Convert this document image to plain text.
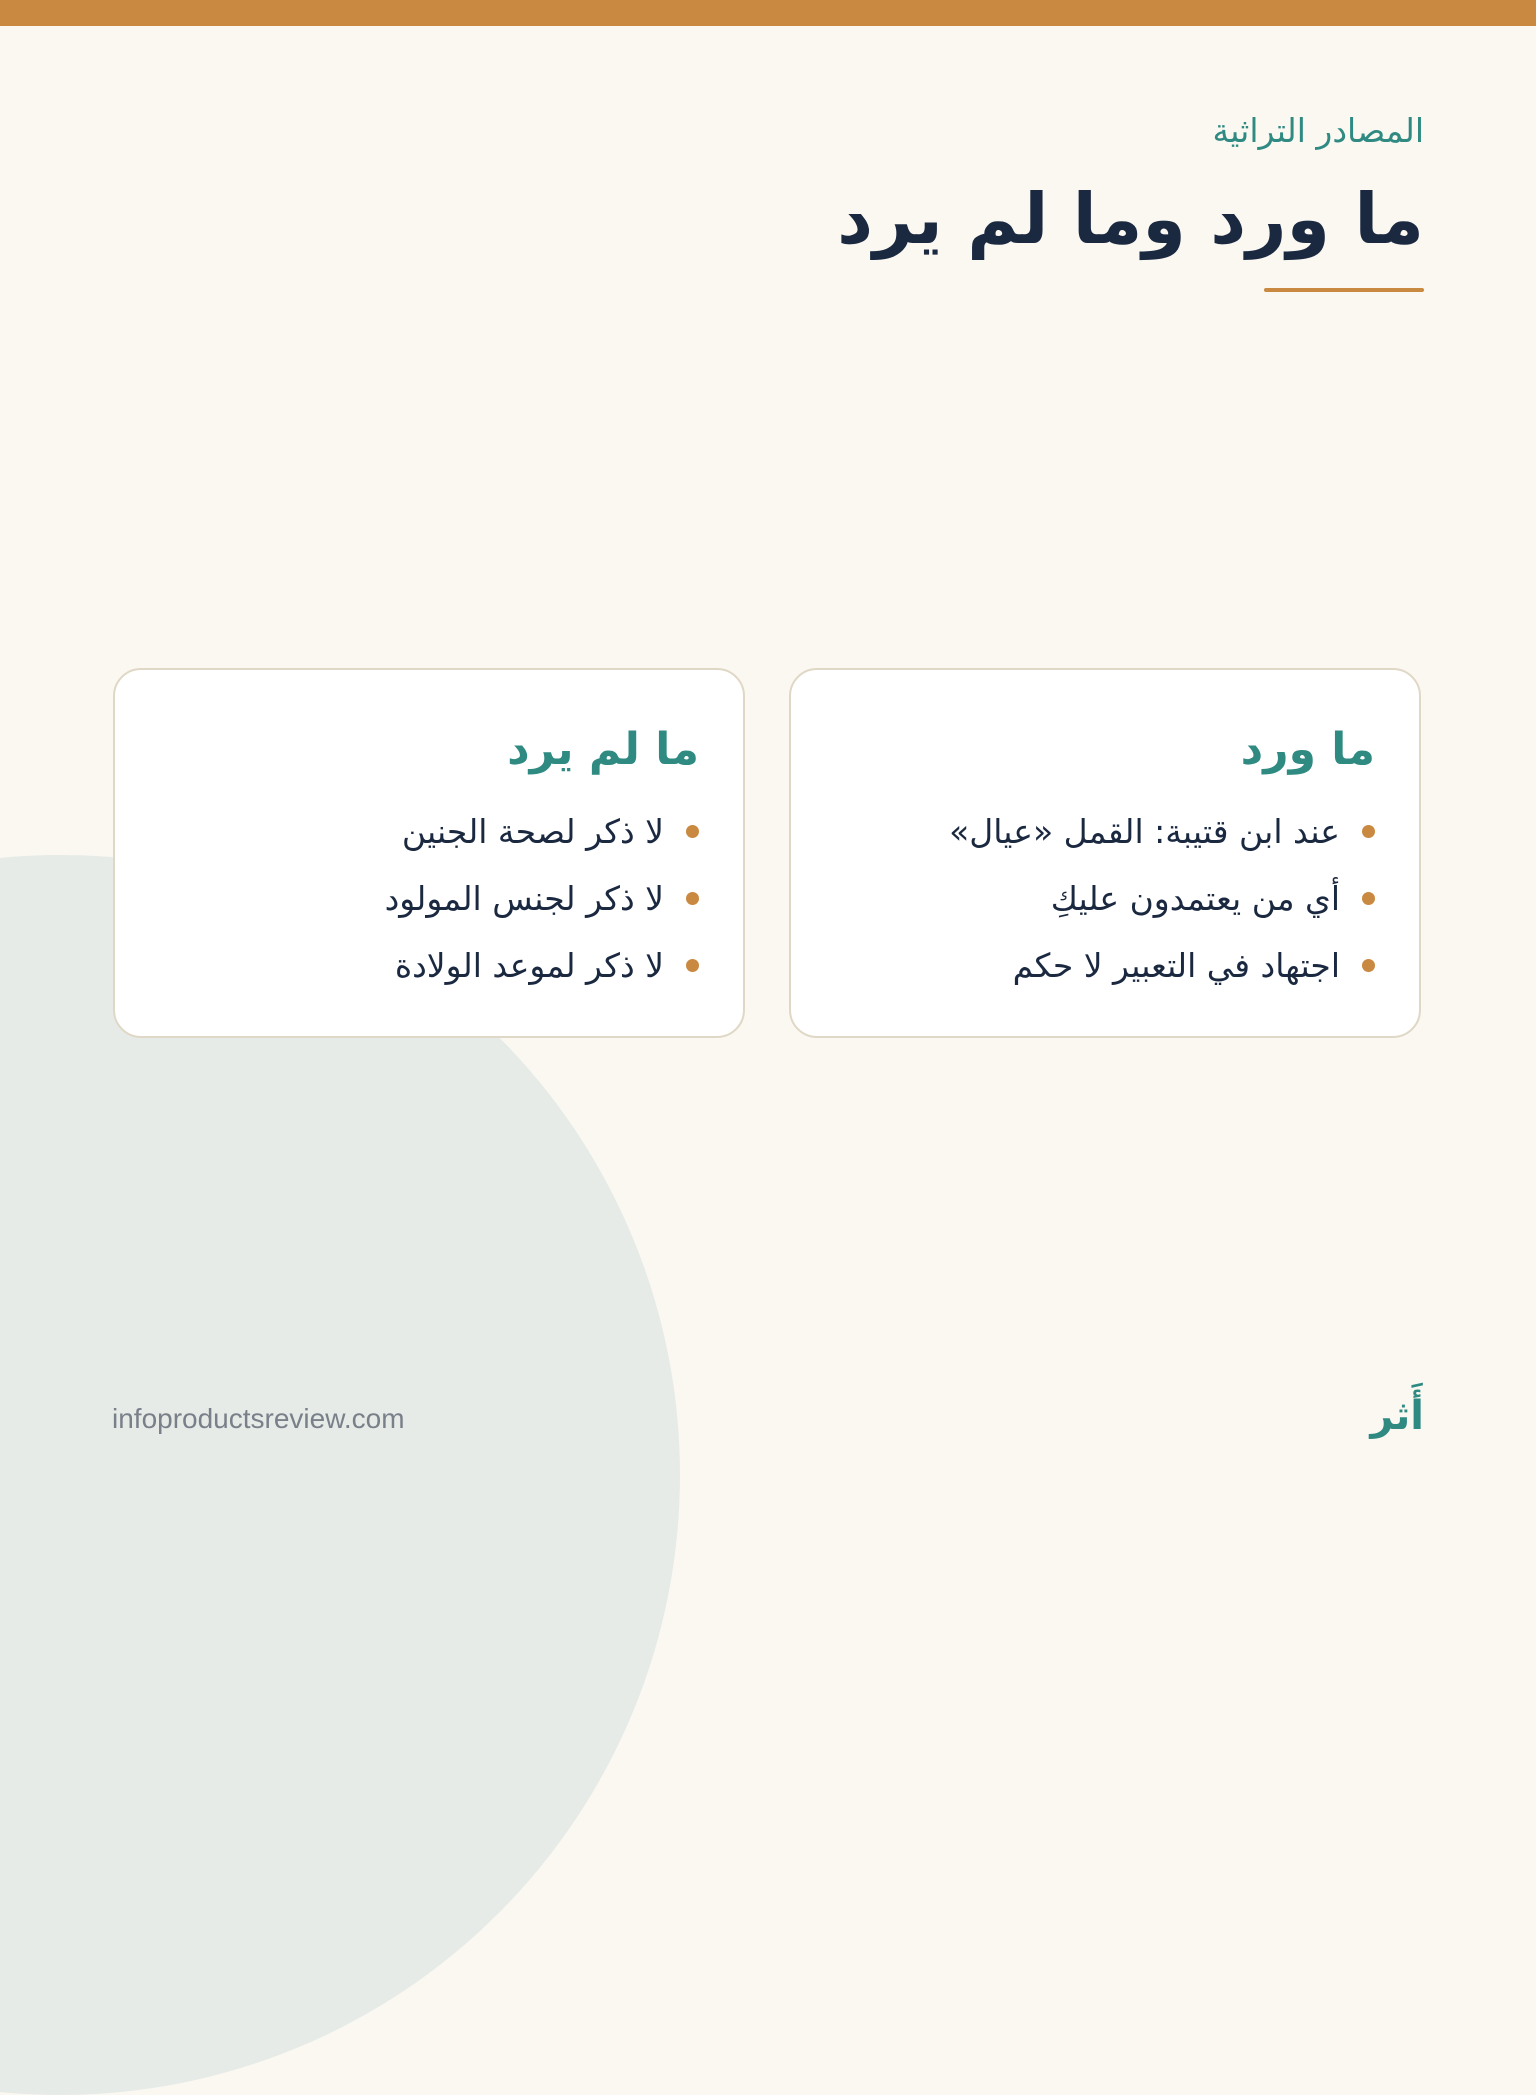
المصادر التراثية

ما ورد وما لم يرد
ما ورد
عند ابن قتيبة: القمل «عيال»
أي من يعتمدون عليكِ
اجتهاد في التعبير لا حكم
ما لم يرد
لا ذكر لصحة الجنين
لا ذكر لجنس المولود
لا ذكر لموعد الولادة

infoproductsreview.com	أَثر
